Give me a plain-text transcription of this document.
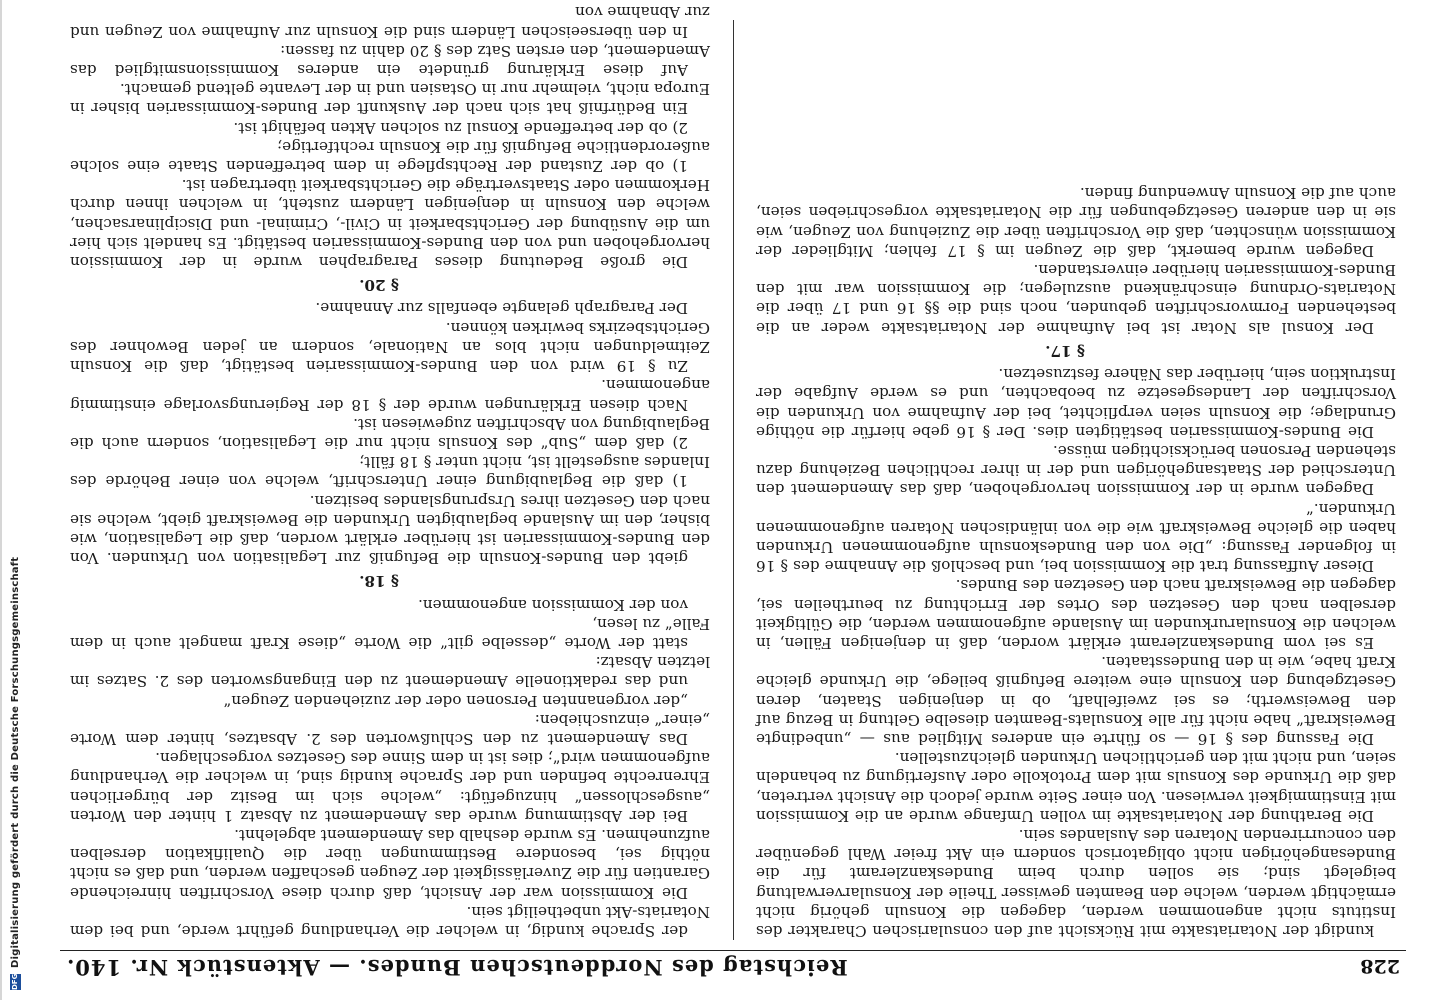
DFG
Digitalisierung gefördert durch die Deutsche Forschungsgemeinschaft	228
Reichstag des Norddeutschen Bundes. — Aktenstück Nr. 140.

kundigt der Notariatsakte mit Rücksicht auf den consularischen Charakter des Instituts nicht angenommen werden, dagegen die Konsuln gehörig nicht ermächtigt werden, welche den Beamten gewisser Theile der Konsularverwaltung beigelegt sind; sie sollen durch beim Bundeskanzleramt für die Bundesangehörigen nicht obligatorisch sondern ein Akt freier Wahl gegenüber den concurrirenden Notaren des Auslandes sein.

Die Berathung der Notariatsakte im vollen Umfange wurde an die Kommission mit Einstimmigkeit verwiesen. Von einer Seite wurde jedoch die Ansicht vertreten, daß die Urkunde des Konsuls mit dem Protokolle oder Ausfertigung zu behandeln seien, und nicht mit den gerichtlichen Urkunden gleichzustellen.

Die Fassung des § 16 — so führte ein anderes Mitglied aus — „unbedingte Beweiskraft“ habe nicht für alle Konsulats-Beamten dieselbe Geltung in Bezug auf den Beweiswerth; es sei zweifelhaft, ob in denjenigen Staaten, deren Gesetzgebung den Konsuln eine weitere Befugniß beilege, die Urkunde gleiche Kraft habe, wie in den Bundesstaaten.

Es sei vom Bundeskanzleramt erklärt worden, daß in denjenigen Fällen, in welchen die Konsularurkunden im Auslande aufgenommen werden, die Gültigkeit derselben nach den Gesetzen des Ortes der Errichtung zu beurtheilen sei, dagegen die Beweiskraft nach den Gesetzen des Bundes.

Dieser Auffassung trat die Kommission bei, und beschloß die Annahme des § 16 in folgender Fassung: „Die von den Bundeskonsuln aufgenommenen Urkunden haben die gleiche Beweiskraft wie die von inländischen Notaren aufgenommenen Urkunden.“

Dagegen wurde in der Kommission hervorgehoben, daß das Amendement den Unterschied der Staatsangehörigen und der in ihrer rechtlichen Beziehung dazu stehenden Personen berücksichtigen müsse.

Die Bundes-Kommissarien bestätigten dies. Der § 16 gebe hierfür die nöthige Grundlage; die Konsuln seien verpflichtet, bei der Aufnahme von Urkunden die Vorschriften der Landesgesetze zu beobachten, und es werde Aufgabe der Instruktion sein, hierüber das Nähere festzusetzen.

§ 17.

Der Konsul als Notar ist bei Aufnahme der Notariatsakte weder an die bestehenden Formvorschriften gebunden, noch sind die §§ 16 und 17 über die Notariats-Ordnung einschränkend auszulegen; die Kommission war mit den Bundes-Kommissarien hierüber einverstanden.

Dagegen wurde bemerkt, daß die Zeugen im § 17 fehlen; Mitglieder der Kommission wünschten, daß die Vorschriften über die Zuziehung von Zeugen, wie sie in den anderen Gesetzgebungen für die Notariatsakte vorgeschrieben seien, auch auf die Konsuln Anwendung finden.

der Sprache kundig, in welcher die Verhandlung geführt werde, und bei dem Notariats-Akt unbetheiligt sein.

Die Kommission war der Ansicht, daß durch diese Vorschriften hinreichende Garantien für die Zuverlässigkeit der Zeugen geschaffen werden, und daß es nicht nöthig sei, besondere Bestimmungen über die Qualifikation derselben aufzunehmen. Es wurde deshalb das Amendement abgelehnt.

Bei der Abstimmung wurde das Amendement zu Absatz 1 hinter den Worten „ausgeschlossen“ hinzugefügt: „welche sich im Besitz der bürgerlichen Ehrenrechte befinden und der Sprache kundig sind, in welcher die Verhandlung aufgenommen wird“; dies ist in dem Sinne des Gesetzes vorgeschlagen.

Das Amendement zu den Schlußworten des 2. Absatzes, hinter dem Worte „einer“ einzuschieben:

„der vorgenannten Personen oder der zuziehenden Zeugen“

und das redaktionelle Amendement zu den Eingangsworten des 2. Satzes im letzten Absatz:

statt der Worte „desselbe gilt“ die Worte „diese Kraft mangelt auch in dem Falle“ zu lesen,

von der Kommission angenommen.

§ 18.

giebt den Bundes-Konsuln die Befugniß zur Legalisation von Urkunden. Von den Bundes-Kommissarien ist hierüber erklärt worden, daß die Legalisation, wie bisher, den im Auslande beglaubigten Urkunden die Beweiskraft giebt, welche sie nach den Gesetzen ihres Ursprungslandes besitzen.

1) daß die Beglaubigung einer Unterschrift, welche von einer Behörde des Inlandes ausgestellt ist, nicht unter § 18 fällt;

2) daß dem „Sub“ des Konsuls nicht nur die Legalisation, sondern auch die Beglaubigung von Abschriften zugewiesen ist.

Nach diesen Erklärungen wurde der § 18 der Regierungsvorlage einstimmig angenommen.

Zu § 19 wird von den Bundes-Kommissarien bestätigt, daß die Konsuln Zeitmeldungen nicht blos an Nationale, sondern an jeden Bewohner des Gerichtsbezirks bewirken können.

Der Paragraph gelangte ebenfalls zur Annahme.

§ 20.

Die große Bedeutung dieses Paragraphen wurde in der Kommission hervorgehoben und von den Bundes-Kommissarien bestätigt. Es handelt sich hier um die Ausübung der Gerichtsbarkeit in Civil-, Criminal- und Disciplinarsachen, welche den Konsuln in denjenigen Ländern zusteht, in welchen ihnen durch Herkommen oder Staatsverträge die Gerichtsbarkeit übertragen ist.

1) ob der Zustand der Rechtspflege in dem betreffenden Staate eine solche außerordentliche Befugniß für die Konsuln rechtfertige;

2) ob der betreffende Konsul zu solchen Akten befähigt ist.

Ein Bedürfniß hat sich nach der Auskunft der Bundes-Kommissarien bisher in Europa nicht, vielmehr nur in Ostasien und in der Levante geltend gemacht.

Auf diese Erklärung gründete ein anderes Kommissionsmitglied das Amendement, den ersten Satz des § 20 dahin zu fassen:

In den überseeischen Ländern sind die Konsuln zur Aufnahme von Zeugen und zur Abnahme von
